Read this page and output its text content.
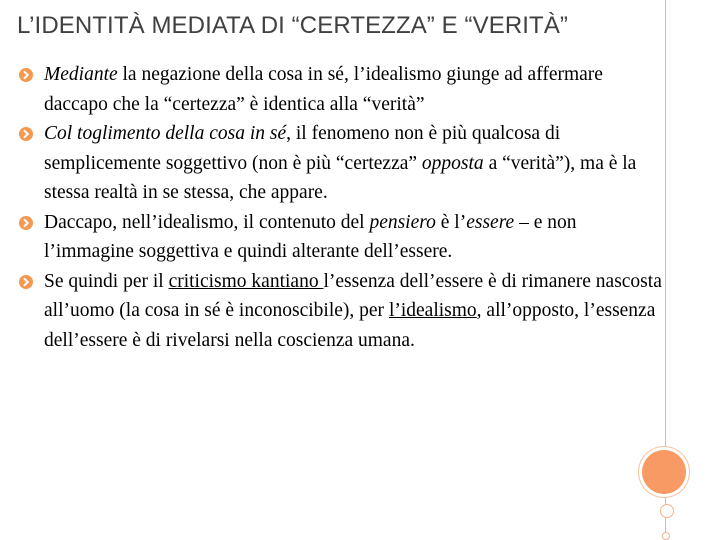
L’IDENTITÀ MEDIATA DI “CERTEZZA” E “VERITÀ”
Mediante la negazione della cosa in sé, l’idealismo giunge ad affermare daccapo che la “certezza” è identica alla “verità”
Col toglimento della cosa in sé, il fenomeno non è più qualcosa di semplicemente soggettivo (non è più “certezza” opposta a “verità”), ma è la stessa realtà in se stessa, che appare.
Daccapo, nell’idealismo, il contenuto del pensiero è l’essere – e non l’immagine soggettiva e quindi alterante dell’essere.
Se quindi per il criticismo kantiano l’essenza dell’essere è di rimanere nascosta all’uomo (la cosa in sé è inconoscibile), per l’idealismo, all’opposto, l’essenza dell’essere è di rivelarsi nella coscienza umana.
